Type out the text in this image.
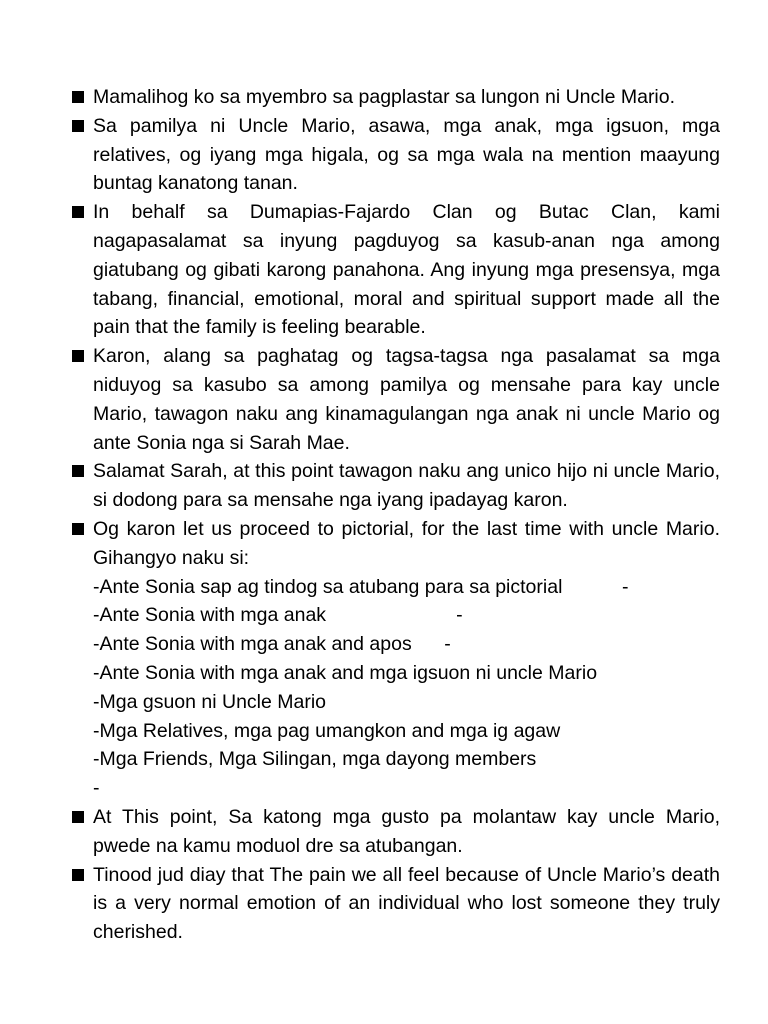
Mamalihog ko sa myembro sa pagplastar sa lungon ni Uncle Mario.
Sa pamilya ni Uncle Mario, asawa, mga anak, mga igsuon, mga relatives, og iyang mga higala, og sa mga wala na mention maayung buntag kanatong tanan.
In behalf sa Dumapias-Fajardo Clan og Butac Clan, kami nagapasalamat sa inyung pagduyog sa kasub-anan nga among giatubang og gibati karong panahona. Ang inyung mga presensya, mga tabang, financial, emotional, moral and spiritual support made all the pain that the family is feeling bearable.
Karon, alang sa paghatag og tagsa-tagsa nga pasalamat sa mga niduyog sa kasubo sa among pamilya og mensahe para kay uncle Mario, tawagon naku ang kinamagulangan nga anak ni uncle Mario og ante Sonia nga si Sarah Mae.
Salamat Sarah, at this point tawagon naku ang unico hijo ni uncle Mario, si dodong para sa mensahe nga iyang ipadayag karon.
Og karon let us proceed to pictorial, for the last time with uncle Mario. Gihangyo naku si:
-Ante Sonia sap ag tindog sa atubang para sa pictorial           -
-Ante Sonia with mga anak                        -
-Ante Sonia with mga anak and apos      -
-Ante Sonia with mga anak and mga igsuon ni uncle Mario
-Mga gsuon ni Uncle Mario
-Mga Relatives, mga pag umangkon and mga ig agaw
-Mga Friends, Mga Silingan, mga dayong members
-
At This point, Sa katong mga gusto pa molantaw kay uncle Mario, pwede na kamu moduol dre sa atubangan.
Tinood jud diay that The pain we all feel because of Uncle Mario’s death is a very normal emotion of an individual who lost someone they truly cherished.
